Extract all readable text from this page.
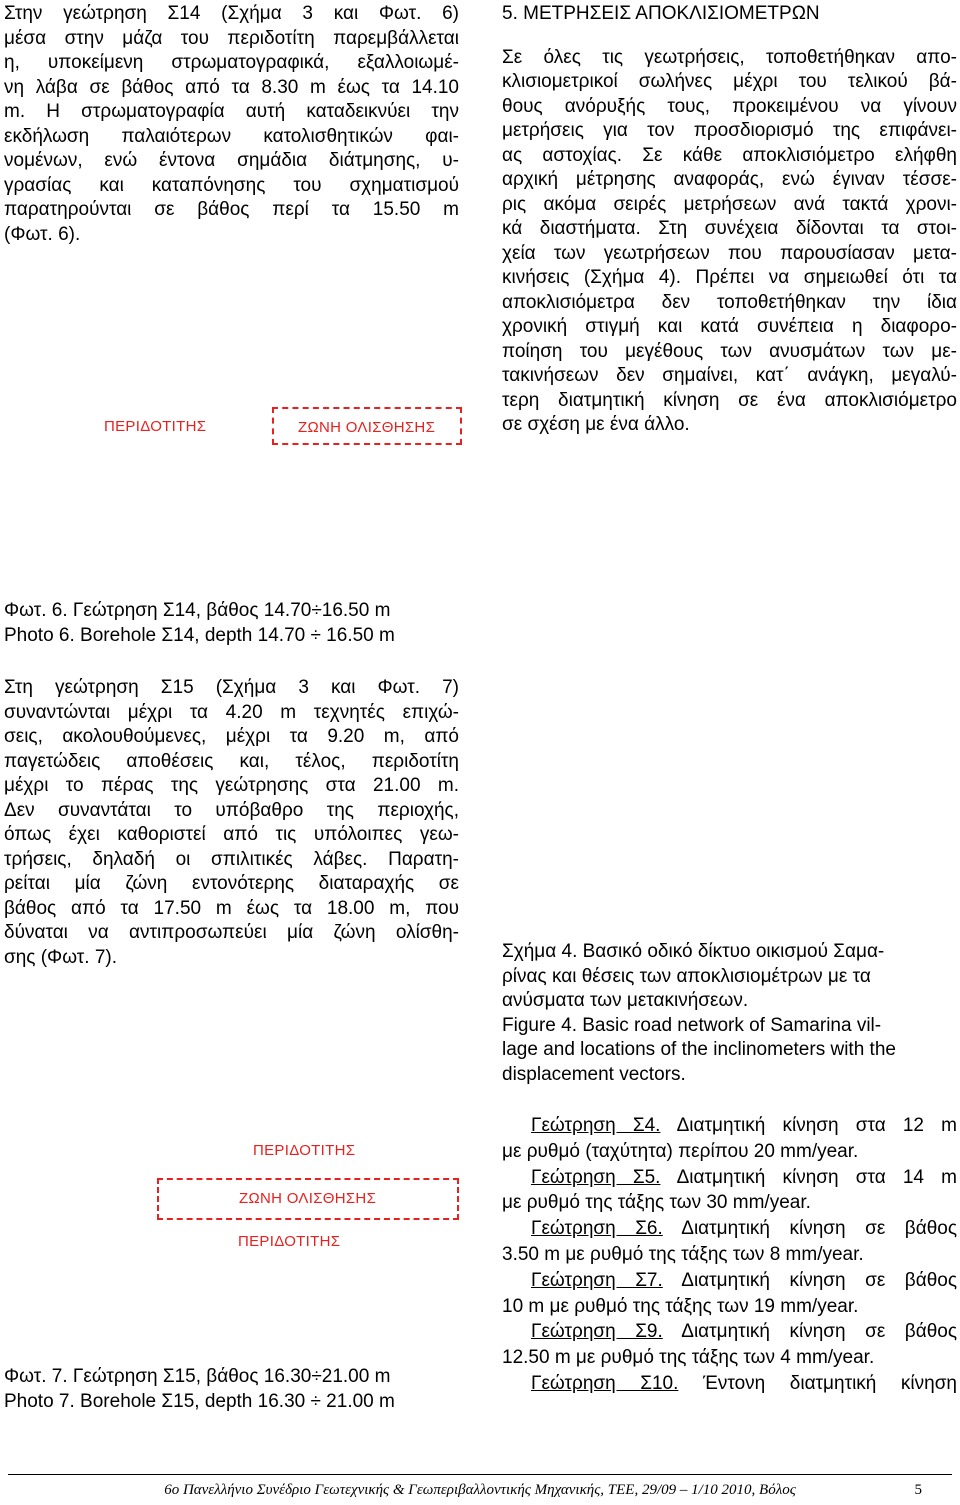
Στην γεώτρηση Σ14 (Σχήμα 3 και Φωτ. 6)
μέσα στην μάζα του περιδοτίτη παρεμβάλλεται
η, υποκείμενη στρωματογραφικά, εξαλλοιωμέ-
νη λάβα σε βάθος από τα 8.30 m έως τα 14.10
m. Η στρωματογραφία αυτή καταδεικνύει την
εκδήλωση παλαιότερων κατολισθητικών φαι-
νομένων, ενώ έντονα σημάδια διάτμησης, υ-
γρασίας και καταπόνησης του σχηματισμού
παρατηρούνται σε βάθος περί τα 15.50 m
(Φωτ. 6).
ΠΕΡΙΔΟΤΙΤΗΣ	ΖΩΝΗ ΟΛΙΣΘΗΣΗΣ
Φωτ. 6. Γεώτρηση Σ14, βάθος 14.70÷16.50 m
Photo 6. Borehole Σ14, depth 14.70 ÷ 16.50 m
Στη γεώτρηση Σ15 (Σχήμα 3 και Φωτ. 7)
συναντώνται μέχρι τα 4.20 m τεχνητές επιχώ-
σεις, ακολουθούμενες, μέχρι τα 9.20 m, από
παγετώδεις αποθέσεις και, τέλος, περιδοτίτη
μέχρι το πέρας της γεώτρησης στα 21.00 m.
Δεν συναντάται το υπόβαθρο της περιοχής,
όπως έχει καθοριστεί από τις υπόλοιπες γεω-
τρήσεις, δηλαδή οι σπιλιτικές λάβες. Παρατη-
ρείται μία ζώνη εντονότερης διαταραχής σε
βάθος από τα 17.50 m έως τα 18.00 m, που
δύναται να αντιπροσωπεύει μία ζώνη ολίσθη-
σης (Φωτ. 7).
ΠΕΡΙΔΟΤΙΤΗΣ
ΖΩΝΗ ΟΛΙΣΘΗΣΗΣ
ΠΕΡΙΔΟΤΙΤΗΣ
Φωτ. 7. Γεώτρηση Σ15, βάθος 16.30÷21.00 m
Photo 7. Borehole Σ15, depth 16.30 ÷ 21.00 m
5. ΜΕΤΡΗΣΕΙΣ ΑΠΟΚΛΙΣΙΟΜΕΤΡΩΝ
Σε όλες τις γεωτρήσεις, τοποθετήθηκαν απο-
κλισιομετρικοί σωλήνες μέχρι του τελικού βά-
θους ανόρυξής τους, προκειμένου να γίνουν
μετρήσεις για τον προσδιορισμό της επιφάνει-
ας αστοχίας. Σε κάθε αποκλισιόμετρο ελήφθη
αρχική μέτρησης αναφοράς, ενώ έγιναν τέσσε-
ρις ακόμα σειρές μετρήσεων ανά τακτά χρονι-
κά διαστήματα. Στη συνέχεια δίδονται τα στοι-
χεία των γεωτρήσεων που παρουσίασαν μετα-
κινήσεις (Σχήμα 4). Πρέπει να σημειωθεί ότι τα
αποκλισιόμετρα δεν τοποθετήθηκαν την ίδια
χρονική στιγμή και κατά συνέπεια η διαφορο-
ποίηση του μεγέθους των ανυσμάτων των με-
τακινήσεων δεν σημαίνει, κατ΄ ανάγκη, μεγαλύ-
τερη διατμητική κίνηση σε ένα αποκλισιόμετρο
σε σχέση με ένα άλλο.
Σχήμα 4. Βασικό οδικό δίκτυο οικισμού Σαμα-
ρίνας και θέσεις των αποκλισιομέτρων με τα
ανύσματα των μετακινήσεων.
Figure 4. Basic road network of Samarina vil-
lage and locations of the inclinometers with the
displacement vectors.
Γεώτρηση Σ4. Διατμητική κίνηση στα 12 m
με ρυθμό (ταχύτητα) περίπου 20 mm/year.
Γεώτρηση Σ5. Διατμητική κίνηση στα 14 m
με ρυθμό της τάξης των 30 mm/year.
Γεώτρηση Σ6. Διατμητική κίνηση σε βάθος
3.50 m με ρυθμό της τάξης των 8 mm/year.
Γεώτρηση Σ7. Διατμητική κίνηση σε βάθος
10 m με ρυθμό της τάξης των 19 mm/year.
Γεώτρηση Σ9. Διατμητική κίνηση σε βάθος
12.50 m με ρυθμό της τάξης των 4 mm/year.
Γεώτρηση Σ10. Έντονη διατμητική κίνηση
6ο Πανελλήνιο Συνέδριο Γεωτεχνικής & Γεωπεριβαλλοντικής Μηχανικής, ΤΕΕ, 29/09 – 1/10 2010, Βόλος	5
